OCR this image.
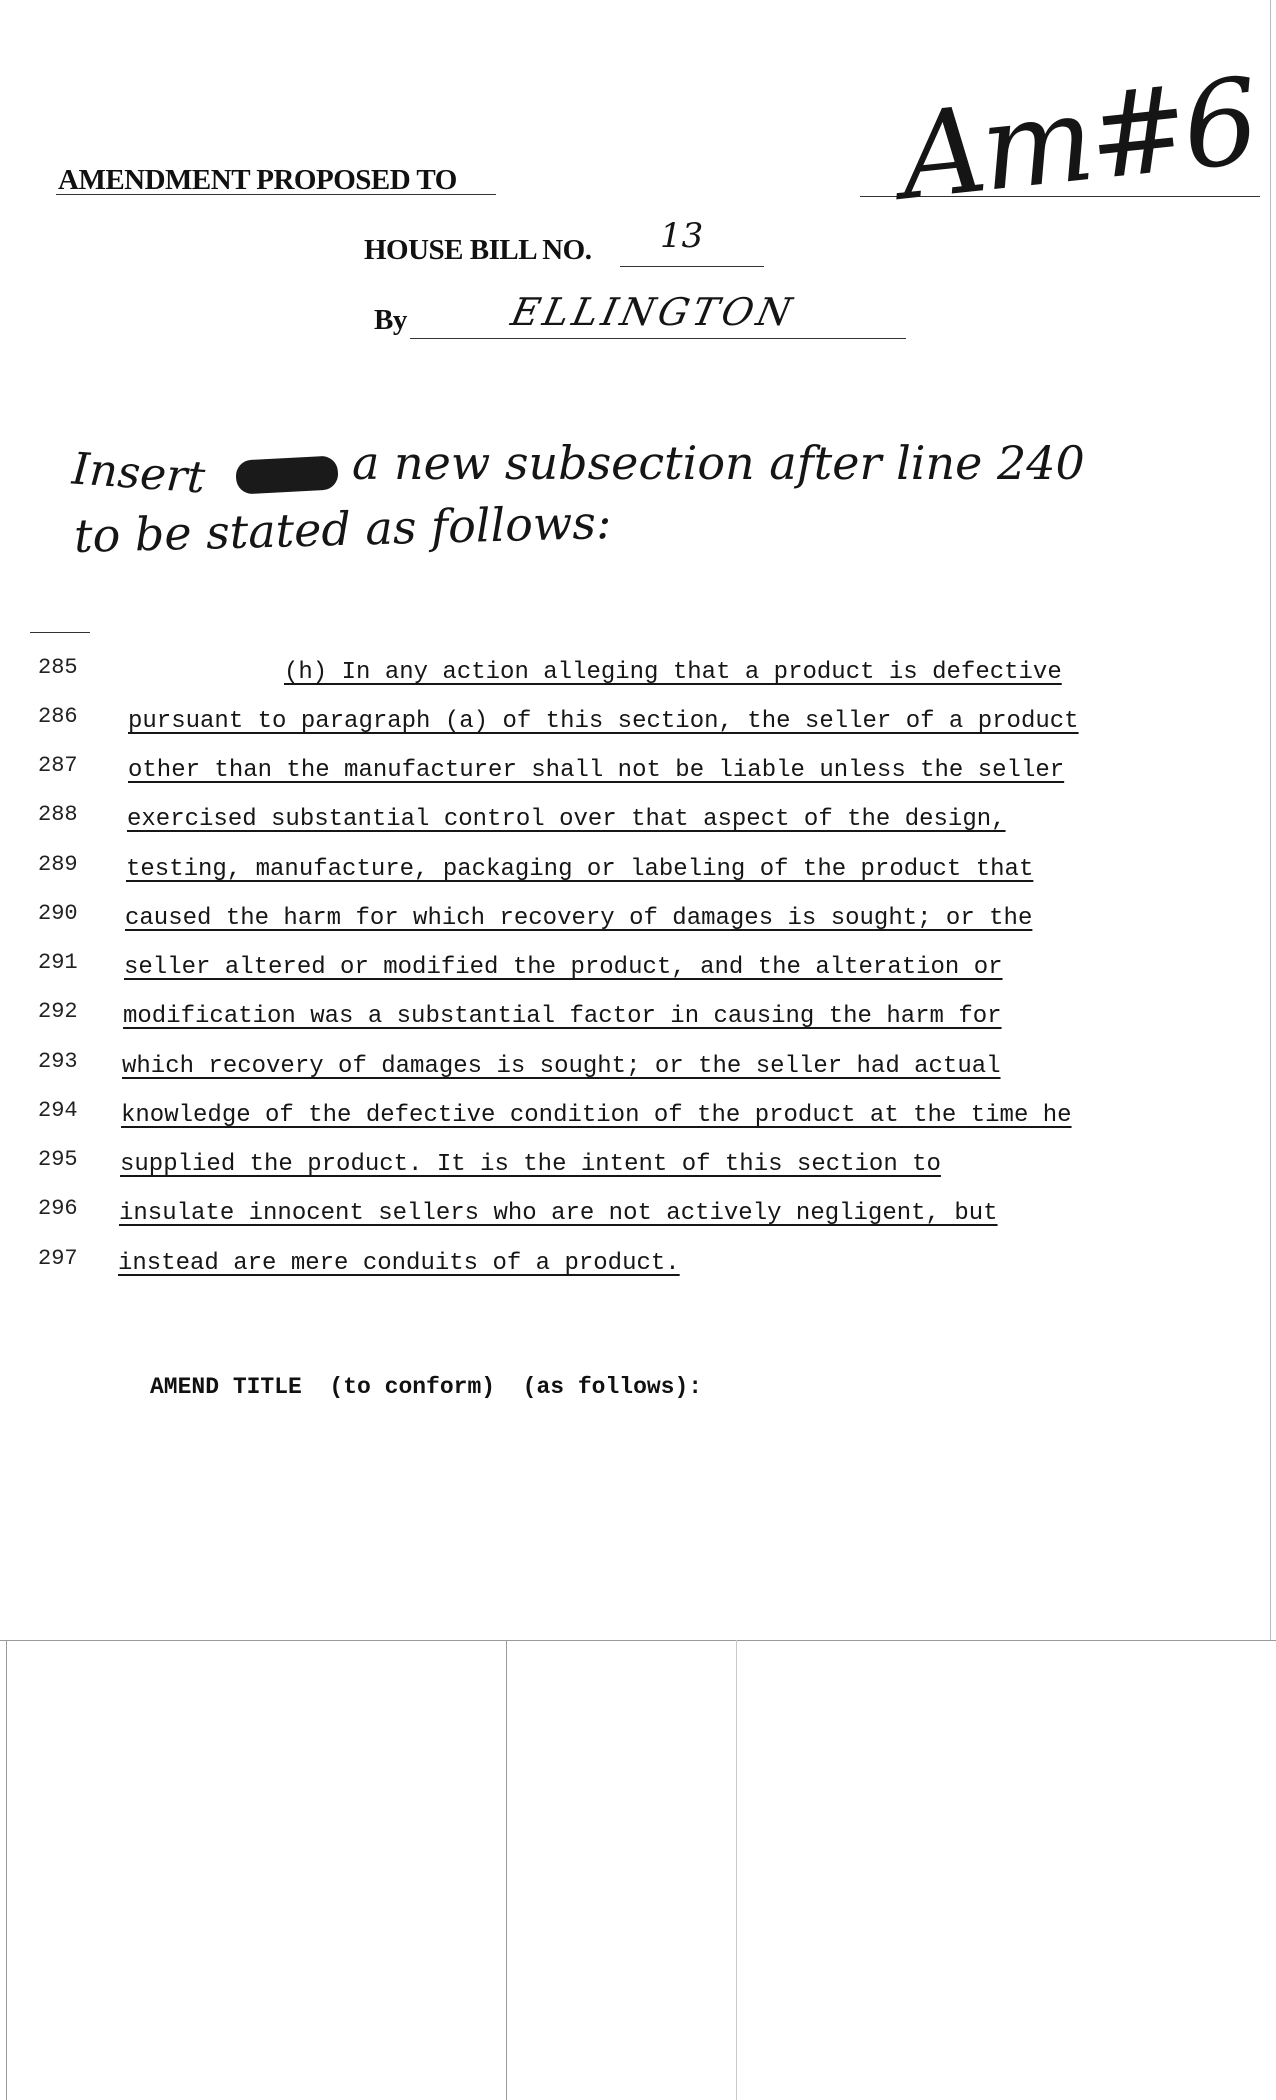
AMENDMENT PROPOSED TO
HOUSE BILL NO. 13
By	ELLINGTON
Am#6
Insert	a new subsection after line 240
to be stated as follows:
285	(h) In any action alleging that a product is defective
286	pursuant to paragraph (a) of this section, the seller of a product
287	other than the manufacturer shall not be liable unless the seller
288	exercised substantial control over that aspect of the design,
289	testing, manufacture, packaging or labeling of the product that
290	caused the harm for which recovery of damages is sought; or the
291	seller altered or modified the product, and the alteration or
292	modification was a substantial factor in causing the harm for
293	which recovery of damages is sought; or the seller had actual
294	knowledge of the defective condition of the product at the time he
295	supplied the product. It is the intent of this section to
296	insulate innocent sellers who are not actively negligent, but
297	instead are mere conduits of a product.
AMEND TITLE  (to conform)  (as follows):
